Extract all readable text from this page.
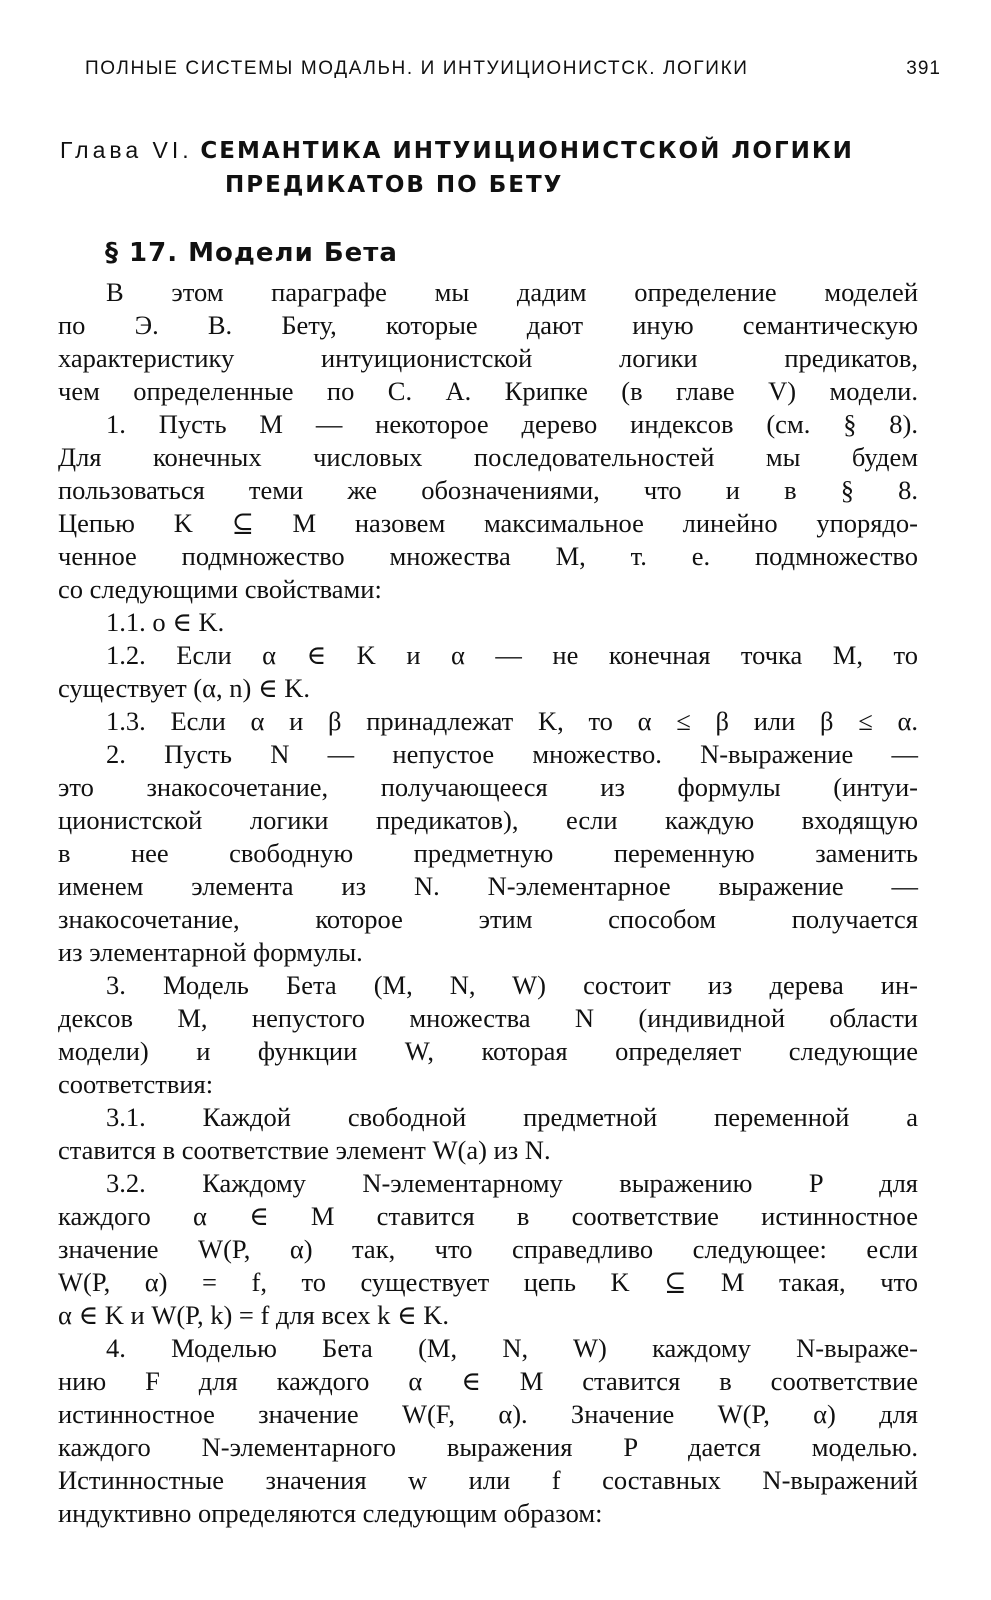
ПОЛНЫЕ СИСТЕМЫ МОДАЛЬН. И ИНТУИЦИОНИСТСК. ЛОГИКИ	391
Глава VI. СЕМАНТИКА ИНТУИЦИОНИСТСКОЙ ЛОГИКИ
ПРЕДИКАТОВ ПО БЕТУ
§ 17. Модели Бета
В этом параграфе мы дадим определение моделей
по Э. В. Бету, которые дают иную семантическую
характеристику интуиционистской логики предикатов,
чем определенные по С. А. Крипке (в главе V) модели.
1. Пусть M — некоторое дерево индексов (см. § 8).
Для конечных числовых последовательностей мы будем
пользоваться теми же обозначениями, что и в § 8.
Цепью K ⊆ M назовем максимальное линейно упорядо-
ченное подмножество множества M, т. е. подмножество
со следующими свойствами:
1.1. o ∈ K.
1.2. Если α ∈ K и α — не конечная точка M, то
существует (α, n) ∈ K.
1.3. Если α и β принадлежат K, то α ≤ β или β ≤ α.
2. Пусть N — непустое множество. N-выражение —
это знакосочетание, получающееся из формулы (интуи-
ционистской логики предикатов), если каждую входящую
в нее свободную предметную переменную заменить
именем элемента из N. N-элементарное выражение —
знакосочетание, которое этим способом получается
из элементарной формулы.
3. Модель Бета (M, N, W) состоит из дерева ин-
дексов M, непустого множества N (индивидной области
модели) и функции W, которая определяет следующие
соответствия:
3.1. Каждой свободной предметной переменной a
ставится в соответствие элемент W(a) из N.
3.2. Каждому N-элементарному выражению P для
каждого α ∈ M ставится в соответствие истинностное
значение W(P, α) так, что справедливо следующее: если
W(P, α) = f, то существует цепь K ⊆ M такая, что
α ∈ K и W(P, k) = f для всех k ∈ K.
4. Моделью Бета (M, N, W) каждому N-выраже-
нию F для каждого α ∈ M ставится в соответствие
истинностное значение W(F, α). Значение W(P, α) для
каждого N-элементарного выражения P дается моделью.
Истинностные значения w или f составных N-выражений
индуктивно определяются следующим образом:
